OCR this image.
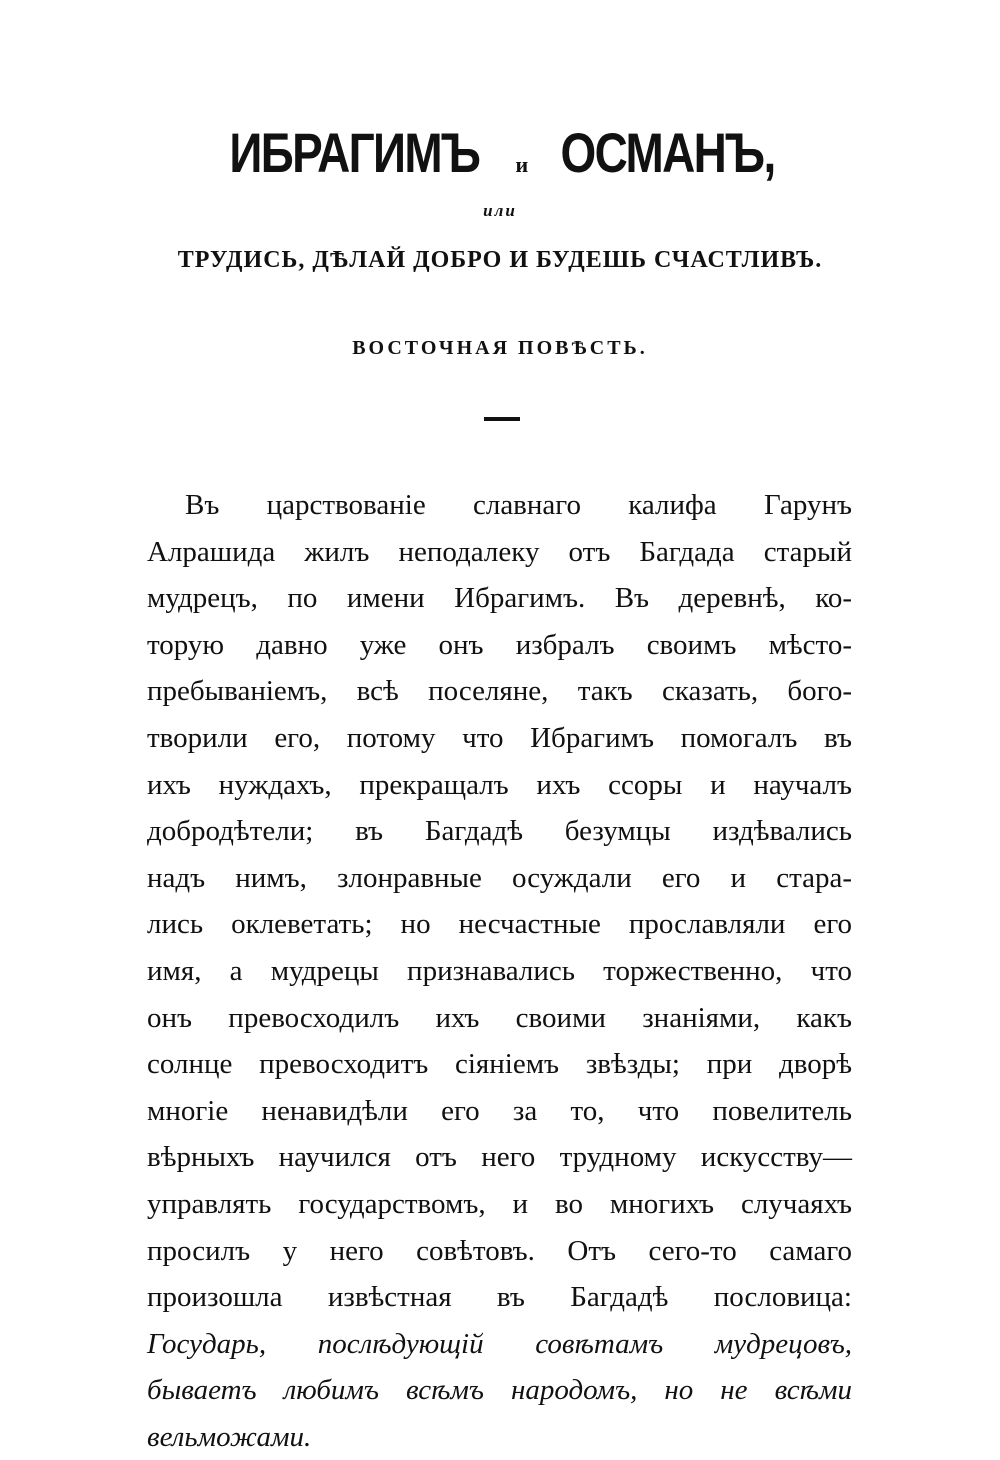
ИБРАГИМЪ и ОСМАНЪ,
или
ТРУДИСЬ, ДѢЛАЙ ДОБРО И БУДЕШЬ СЧАСТЛИВЪ.
ВОСТОЧНАЯ ПОВѢСТЬ.
Въ царствованіе славнаго калифа Гарунъ
Алрашида жилъ неподалеку отъ Багдада старый
мудрецъ, по имени Ибрагимъ. Въ деревнѣ, ко-
торую давно уже онъ избралъ своимъ мѣсто-
пребываніемъ, всѣ поселяне, такъ сказать, бого-
творили его, потому что Ибрагимъ помогалъ въ
ихъ нуждахъ, прекращалъ ихъ ссоры и научалъ
добродѣтели; въ Багдадѣ безумцы издѣвались
надъ нимъ, злонравные осуждали его и стара-
лись оклеветать; но несчастные прославляли его
имя, а мудрецы признавались торжественно, что
онъ превосходилъ ихъ своими знаніями, какъ
солнце превосходитъ сіяніемъ звѣзды; при дворѣ
многіе ненавидѣли его за то, что повелитель
вѣрныхъ научился отъ него трудному искусству—
управлять государствомъ, и во многихъ случаяхъ
просилъ у него совѣтовъ. Отъ сего-то самаго
произошла извѣстная въ Багдадѣ пословица:
Государь, послѣдующій совѣтамъ мудрецовъ,
бываетъ любимъ всѣмъ народомъ, но не всѣми
вельможами.
